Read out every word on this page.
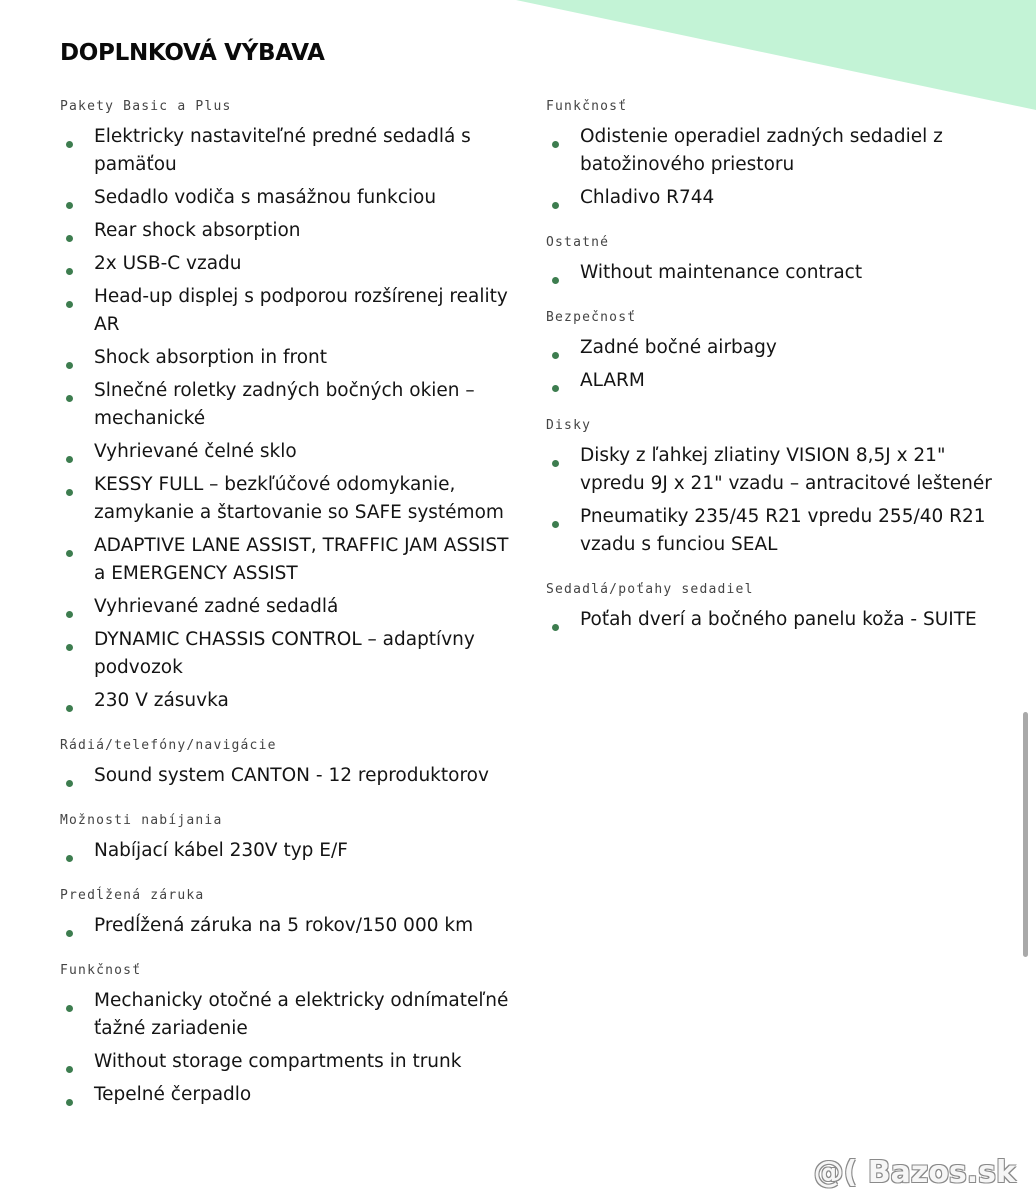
DOPLNKOVÁ VÝBAVA
Pakety Basic a Plus
Elektricky nastaviteľné predné sedadlá s pamäťou
Sedadlo vodiča s masážnou funkciou
Rear shock absorption
2x USB-C vzadu
Head-up displej s podporou rozšírenej reality AR
Shock absorption in front
Slnečné roletky zadných bočných okien – mechanické
Vyhrievané čelné sklo
KESSY FULL – bezkľúčové odomykanie, zamykanie a štartovanie so SAFE systémom
ADAPTIVE LANE ASSIST, TRAFFIC JAM ASSIST a EMERGENCY ASSIST
Vyhrievané zadné sedadlá
DYNAMIC CHASSIS CONTROL – adaptívny podvozok
230 V zásuvka
Rádiá/telefóny/navigácie
Sound system CANTON - 12 reproduktorov
Možnosti nabíjania
Nabíjací kábel 230V typ E/F
Predĺžená záruka
Predĺžená záruka na 5 rokov/150 000 km
Funkčnosť
Mechanicky otočné a elektricky odnímateľné ťažné zariadenie
Without storage compartments in trunk
Tepelné čerpadlo
Funkčnosť
Odistenie operadiel zadných sedadiel z batožinového priestoru
Chladivo R744
Ostatné
Without maintenance contract
Bezpečnosť
Zadné bočné airbagy
ALARM
Disky
Disky z ľahkej zliatiny VISION 8,5J x 21" vpredu 9J x 21" vzadu – antracitové leštenér
Pneumatiky 235/45 R21 vpredu 255/40 R21 vzadu s funciou SEAL
Sedadlá/poťahy sedadiel
Poťah dverí a bočného panelu koža - SUITE
@( Bazos.sk
